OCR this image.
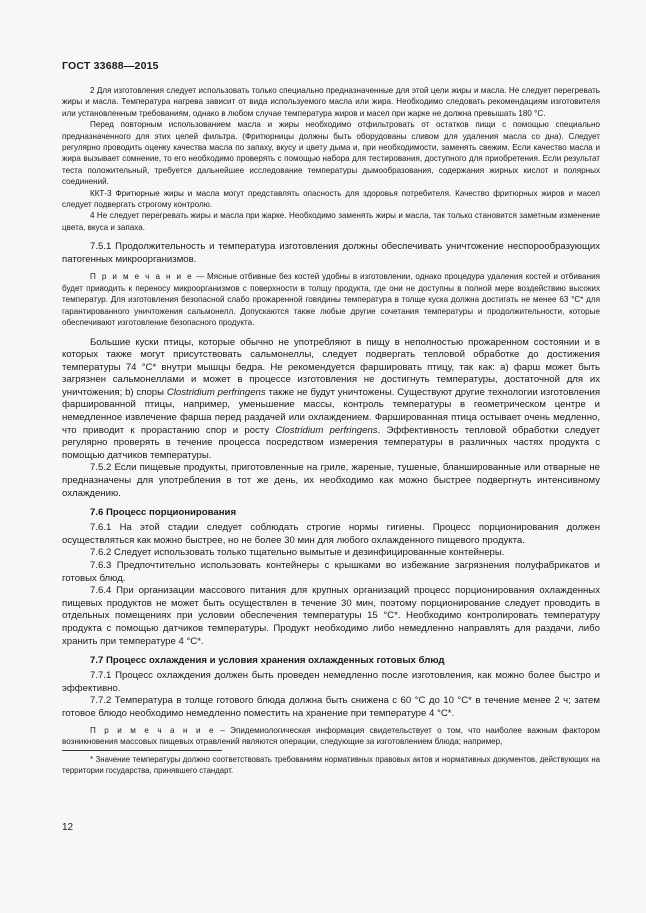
ГОСТ 33688—2015

2 Для изготовления следует использовать только специально предназначенные для этой цели жиры и масла. Не следует перегревать жиры и масла. Температура нагрева зависит от вида используемого масла или жира. Необходимо следовать рекомендациям изготовителя или установленным требованиям, однако в любом случае температура жиров и масел при жарке не должна превышать 180 °С.

Перед повторным использованием масла и жиры необходимо отфильтровать от остатков пищи с помощью специально предназначенного для этих целей фильтра. (Фритюрницы должны быть оборудованы сливом для удаления масла со дна). Следует регулярно проводить оценку качества масла по запаху, вкусу и цвету дыма и, при необходимости, заменять свежим. Если качество масла и жира вызывает сомнение, то его необходимо проверять с помощью набора для тестирования, доступного для приобретения. Если результат теста положительный, требуется дальнейшее исследование температуры дымообразования, содержания жирных кислот и полярных соединений.

ККТ-3 Фритюрные жиры и масла могут представлять опасность для здоровья потребителя. Качество фритюрных жиров и масел следует подвергать строгому контролю.

4 Не следует перегревать жиры и масла при жарке. Необходимо заменять жиры и масла, так только становится заметным изменение цвета, вкуса и запаха.

7.5.1 Продолжительность и температура изготовления должны обеспечивать уничтожение неспорообразующих патогенных микроорганизмов.

П р и м е ч а н и е — Мясные отбивные без костей удобны в изготовлении, однако процедура удаления костей и отбивания будет приводить к переносу микроорганизмов с поверхности в толщу продукта, где они не доступны в полной мере воздействию высоких температур. Для изготовления безопасной слабо прожаренной говядины температура в толще куска должна достигать не менее 63 °С* для гарантированного уничтожения сальмонелл. Допускаются также любые другие сочетания температуры и продолжительности, которые обеспечивают изготовление безопасного продукта.

Большие куски птицы, которые обычно не употребляют в пищу в неполностью прожаренном состоянии и в которых также могут присутствовать сальмонеллы, следует подвергать тепловой обработке до достижения температуры 74 °С* внутри мышцы бедра. Не рекомендуется фаршировать птицу, так как: а) фарш может быть загрязнен сальмонеллами и может в процессе изготовления не достигнуть температуры, достаточной для их уничтожения; b) споры Clostridium perfringens также не будут уничтожены. Существуют другие технологии изготовления фаршированной птицы, например, уменьшение массы, контроль температуры в геометрическом центре и немедленное извлечение фарша перед раздачей или охлаждением. Фаршированная птица остывает очень медленно, что приводит к прорастанию спор и росту Clostridium perfringens. Эффективность тепловой обработки следует регулярно проверять в течение процесса посредством измерения температуры в различных частях продукта с помощью датчиков температуры.

7.5.2 Если пищевые продукты, приготовленные на гриле, жареные, тушеные, бланшированные или отварные не предназначены для употребления в тот же день, их необходимо как можно быстрее подвергнуть интенсивному охлаждению.

7.6 Процесс порционирования

7.6.1 На этой стадии следует соблюдать строгие нормы гигиены. Процесс порционирования должен осуществляться как можно быстрее, но не более 30 мин для любого охлажденного пищевого продукта.

7.6.2 Следует использовать только тщательно вымытые и дезинфицированные контейнеры.

7.6.3 Предпочтительно использовать контейнеры с крышками во избежание загрязнения полуфабрикатов и готовых блюд.

7.6.4 При организации массового питания для крупных организаций процесс порционирования охлажденных пищевых продуктов не может быть осуществлен в течение 30 мин, поэтому порционирование следует проводить в отдельных помещениях при условии обеспечения температуры 15 °С*. Необходимо контролировать температуру продукта с помощью датчиков температуры. Продукт необходимо либо немедленно направлять для раздачи, либо хранить при температуре 4 °С*.

7.7 Процесс охлаждения и условия хранения охлажденных готовых блюд

7.7.1 Процесс охлаждения должен быть проведен немедленно после изготовления, как можно более быстро и эффективно.

7.7.2 Температура в толще готового блюда должна быть снижена с 60 °С до 10 °С* в течение менее 2 ч; затем готовое блюдо необходимо немедленно поместить на хранение при температуре 4 °С*.

П р и м е ч а н и е – Эпидемиологическая информация свидетельствует о том, что наиболее важным фактором возникновения массовых пищевых отравлений являются операции, следующие за изготовлением блюда; например,

* Значение температуры должно соответствовать требованиям нормативных правовых актов и нормативных документов, действующих на территории государства, принявшего стандарт.

12
